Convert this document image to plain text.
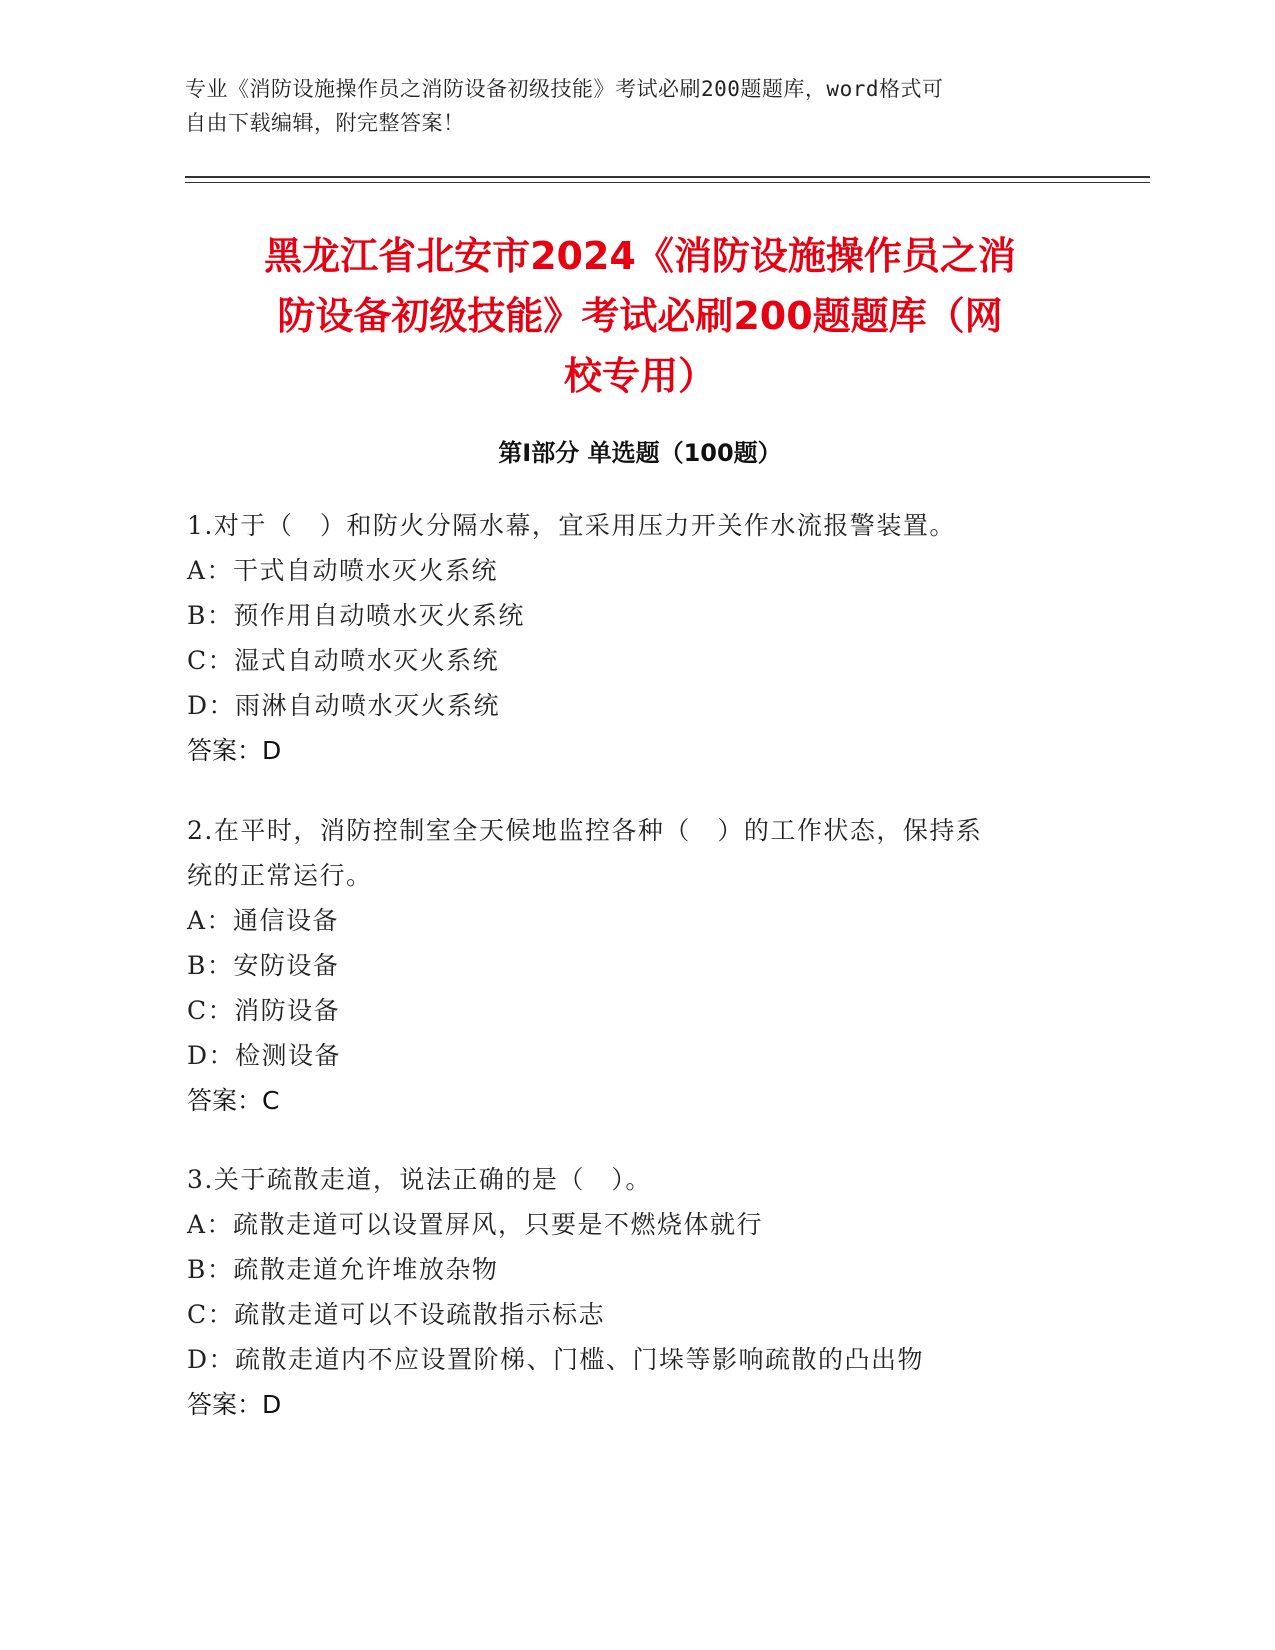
专业《消防设施操作员之消防设备初级技能》考试必刷200题题库，word格式可
自由下载编辑，附完整答案！
黑龙江省北安市2024《消防设施操作员之消
防设备初级技能》考试必刷200题题库（网
校专用）
第Ⅰ部分 单选题（100题）
1.对于（　）和防火分隔水幕，宜采用压力开关作水流报警装置。
A：干式自动喷水灭火系统
B：预作用自动喷水灭火系统
C：湿式自动喷水灭火系统
D：雨淋自动喷水灭火系统
答案：D
2.在平时，消防控制室全天候地监控各种（　）的工作状态，保持系
统的正常运行。
A：通信设备
B：安防设备
C：消防设备
D：检测设备
答案：C
3.关于疏散走道，说法正确的是（　）。
A：疏散走道可以设置屏风，只要是不燃烧体就行
B：疏散走道允许堆放杂物
C：疏散走道可以不设疏散指示标志
D：疏散走道内不应设置阶梯、门槛、门垛等影响疏散的凸出物
答案：D
